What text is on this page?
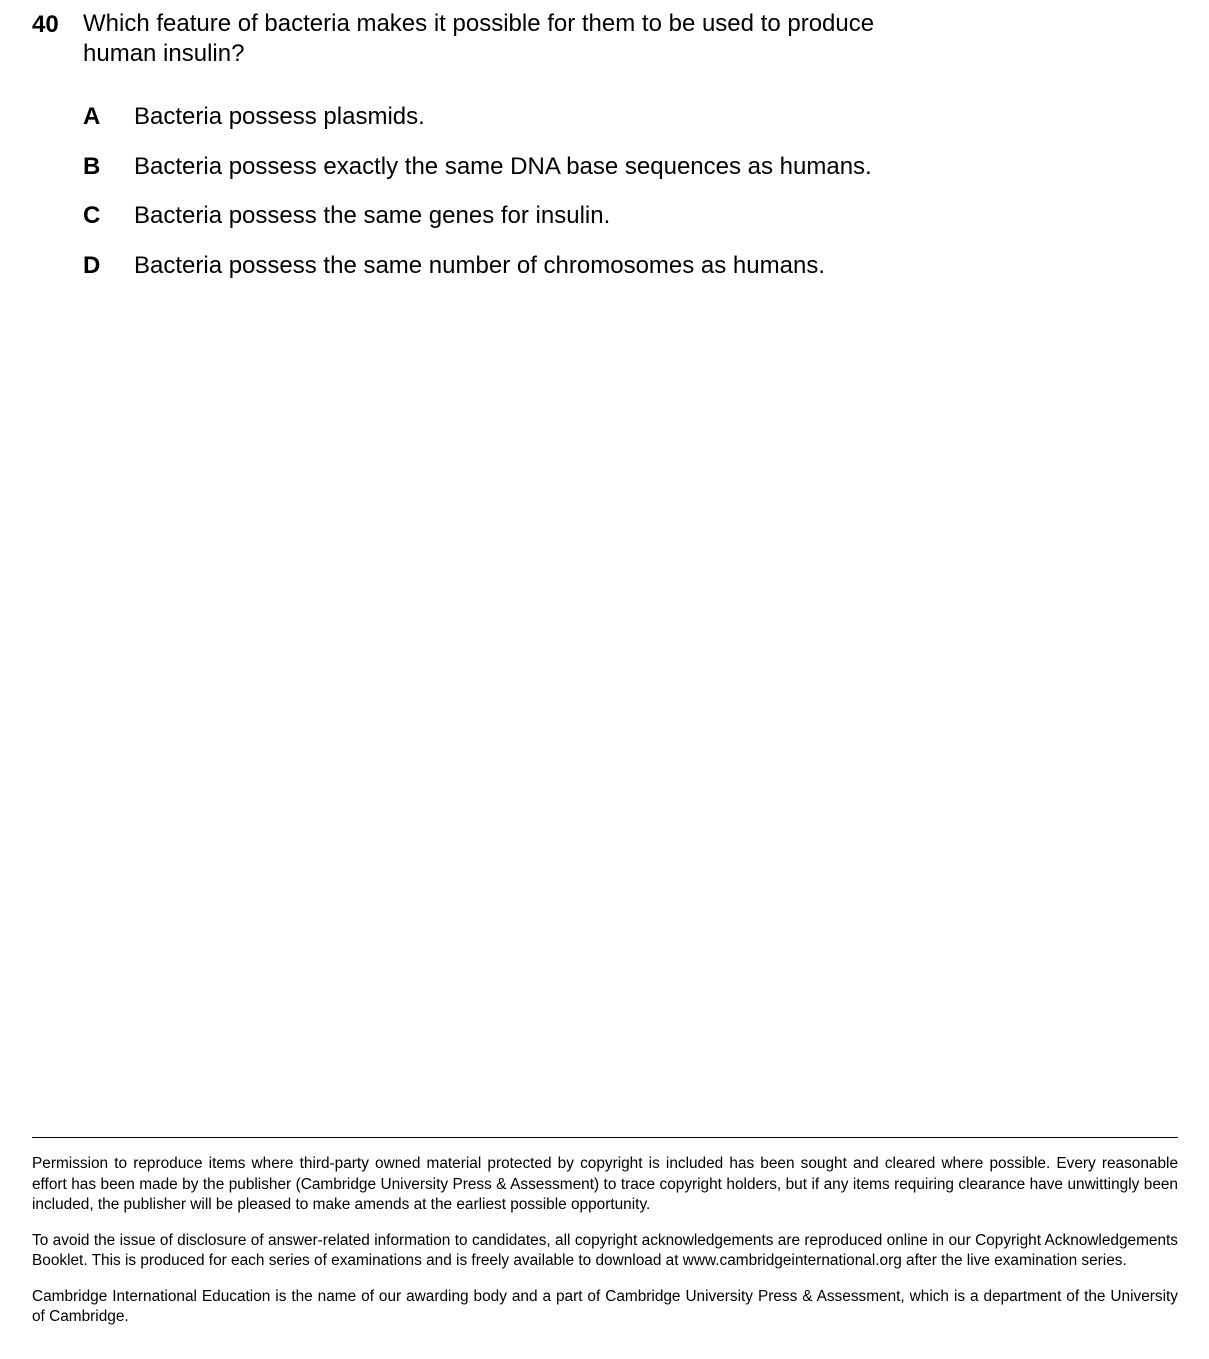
40 Which feature of bacteria makes it possible for them to be used to produce human insulin?

A	Bacteria possess plasmids.
B	Bacteria possess exactly the same DNA base sequences as humans.
C	Bacteria possess the same genes for insulin.
D	Bacteria possess the same number of chromosomes as humans.

Permission to reproduce items where third-party owned material protected by copyright is included has been sought and cleared where possible. Every reasonable effort has been made by the publisher (Cambridge University Press & Assessment) to trace copyright holders, but if any items requiring clearance have unwittingly been included, the publisher will be pleased to make amends at the earliest possible opportunity.

To avoid the issue of disclosure of answer-related information to candidates, all copyright acknowledgements are reproduced online in our Copyright Acknowledgements Booklet. This is produced for each series of examinations and is freely available to download at www.cambridgeinternational.org after the live examination series.

Cambridge International Education is the name of our awarding body and a part of Cambridge University Press & Assessment, which is a department of the University of Cambridge.
